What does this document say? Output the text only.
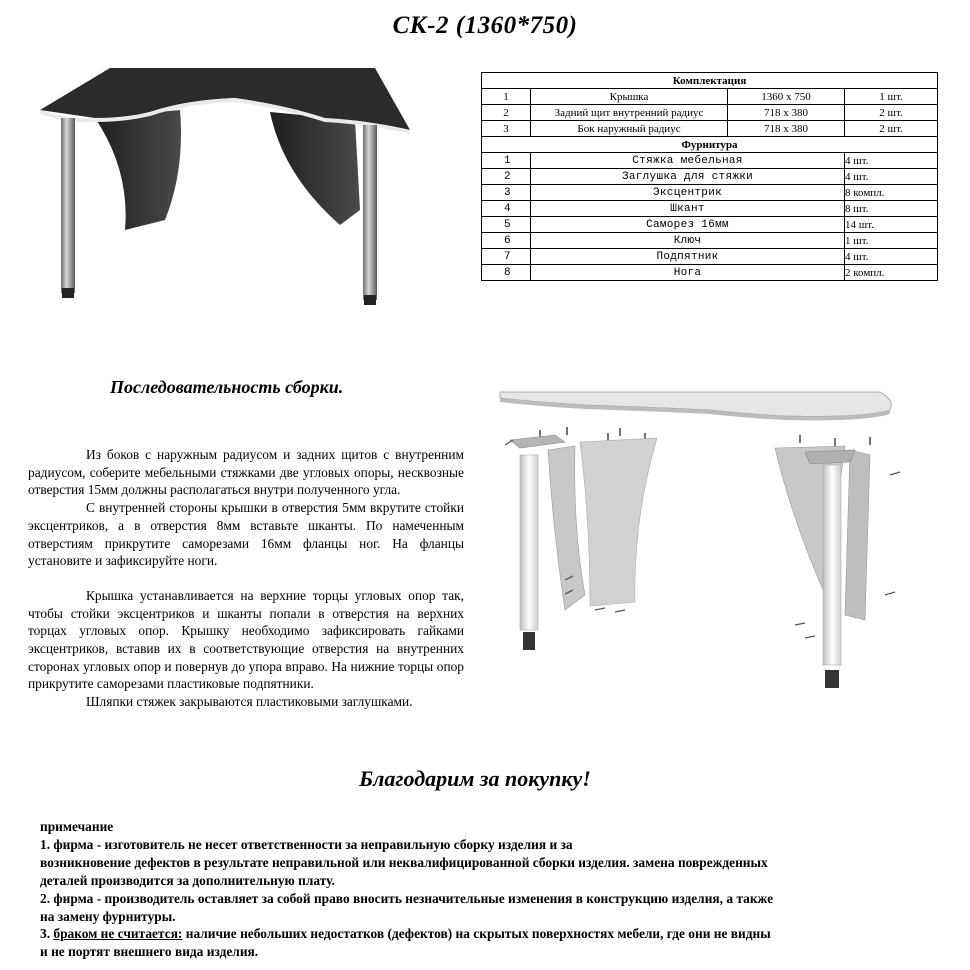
СК-2 (1360*750)
Комплектация			
1	Крышка	1360 х 750	1 шт.
2	Задний щит внутренний радиус	718 х 380	2 шт.
3	Бок наружный радиус	718 х 380	2 шт.
Фурнитура			
1	Стяжка мебельная		4 шт.
2	Заглушка для стяжки		4 шт.
3	Эксцентрик		8 компл.
4	Шкант		8 шт.
5	Саморез 16мм		14 шт.
6	Ключ		1 шт.
7	Подпятник		4 шт.
8	Нога		2 компл.
Последовательность сборки.

Из боков с наружным радиусом и задних щитов с внутренним радиусом, соберите мебельными стяжками две угловых опоры, несквозные отверстия 15мм должны располагаться внутри полученного угла.

С внутренней стороны крышки в отверстия 5мм вкрутите стойки эксцентриков, а в отверстия 8мм вставьте шканты. По намеченным отверстиям прикрутите саморезами 16мм фланцы ног. На фланцы установите и зафиксируйте ноги.

Крышка устанавливается на верхние торцы угловых опор так, чтобы стойки эксцентриков и шканты попали в отверстия на верхних торцах угловых опор. Крышку необходимо зафиксировать гайками эксцентриков, вставив их в соответствующие отверстия на внутренних сторонах угловых опор и повернув до упора вправо. На нижние торцы опор прикрутите саморезами пластиковые подпятники.

Шляпки стяжек закрываются пластиковыми заглушками.

Благодарим за покупку!
примечание
1. фирма - изготовитель не несет ответственности за неправильную сборку изделия и за
возникновение дефектов в результате неправильной или неквалифицированной сборки изделия. замена поврежденных
деталей производится за дополнительную плату.
2. фирма - производитель оставляет за собой право вносить незначительные изменения в конструкцию изделия, а также
на замену фурнитуры.
3. браком не считается: наличие небольших недостатков (дефектов) на скрытых поверхностях мебели, где они не видны
и не портят внешнего вида изделия.
